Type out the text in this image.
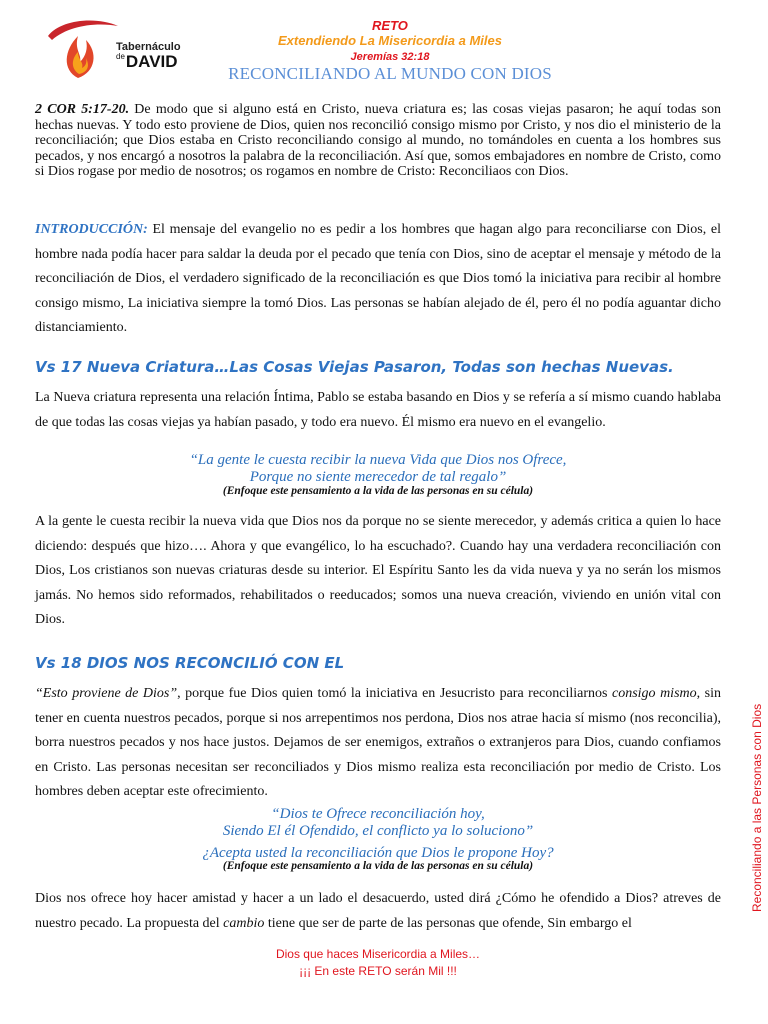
Tabernáculo
$^{de}$DAVID
RETO
Extendiendo La Misericordia a Miles
Jeremías 32:18
RECONCILIANDO AL MUNDO CON DIOS

2 COR 5:17-20. De modo que si alguno está en Cristo, nueva criatura es; las cosas viejas pasaron; he aquí todas son hechas nuevas. Y todo esto proviene de Dios, quien nos reconcilió consigo mismo por Cristo, y nos dio el ministerio de la reconciliación; que Dios estaba en Cristo reconciliando consigo al mundo, no tomándoles en cuenta a los hombres sus pecados, y nos encargó a nosotros la palabra de la reconciliación. Así que, somos embajadores en nombre de Cristo, como si Dios rogase por medio de nosotros; os rogamos en nombre de Cristo: Reconciliaos con Dios.

INTRODUCCIÓN: El mensaje del evangelio no es pedir a los hombres que hagan algo para reconciliarse con Dios, el hombre nada podía hacer para saldar la deuda por el pecado que tenía con Dios, sino de aceptar el mensaje y método de la reconciliación de Dios, el verdadero significado de la reconciliación es que Dios tomó la iniciativa para recibir al hombre consigo mismo, La iniciativa siempre la tomó Dios. Las personas se habían alejado de él, pero él no podía aguantar dicho distanciamiento.

Vs 17 Nueva Criatura…Las Cosas Viejas Pasaron, Todas son hechas Nuevas.

La Nueva criatura representa una relación Íntima, Pablo se estaba basando en Dios y se refería a sí mismo cuando hablaba de que todas las cosas viejas ya habían pasado, y todo era nuevo. Él mismo era nuevo en el evangelio.

“La gente le cuesta recibir la nueva Vida que Dios nos Ofrece,
Porque no siente merecedor de tal regalo”
(Enfoque este pensamiento a la vida de las personas en su célula)

A la gente le cuesta recibir la nueva vida que Dios nos da porque no se siente merecedor, y además critica a quien lo hace diciendo: después que hizo…. Ahora y que evangélico, lo ha escuchado?. Cuando hay una verdadera reconciliación con Dios, Los cristianos son nuevas criaturas desde su interior. El Espíritu Santo les da vida nueva y ya no serán los mismos jamás. No hemos sido reformados, rehabilitados o reeducados; somos una nueva creación, viviendo en unión vital con Dios.

Vs 18 DIOS NOS RECONCILIÓ CON EL

“Esto proviene de Dios”, porque fue Dios quien tomó la iniciativa en Jesucristo para reconciliarnos consigo mismo, sin tener en cuenta nuestros pecados, porque si nos arrepentimos nos perdona, Dios nos atrae hacia sí mismo (nos reconcilia), borra nuestros pecados y nos hace justos. Dejamos de ser enemigos, extraños o extranjeros para Dios, cuando confiamos en Cristo. Las personas necesitan ser reconciliados y Dios mismo realiza esta reconciliación por medio de Cristo. Los hombres deben aceptar este ofrecimiento.

“Dios te Ofrece reconciliación hoy,
Siendo El él Ofendido, el conflicto ya lo soluciono”
¿Acepta usted la reconciliación que Dios le propone Hoy?
(Enfoque este pensamiento a la vida de las personas en su célula)

Dios nos ofrece hoy hacer amistad y hacer a un lado el desacuerdo, usted dirá ¿Cómo he ofendido a Dios? atreves de nuestro pecado. La propuesta del cambio tiene que ser de parte de las personas que ofende, Sin embargo el

Dios que haces Misericordia a Miles…
¡¡¡ En este RETO serán Mil !!!
Reconciliando a las Personas con Dios
